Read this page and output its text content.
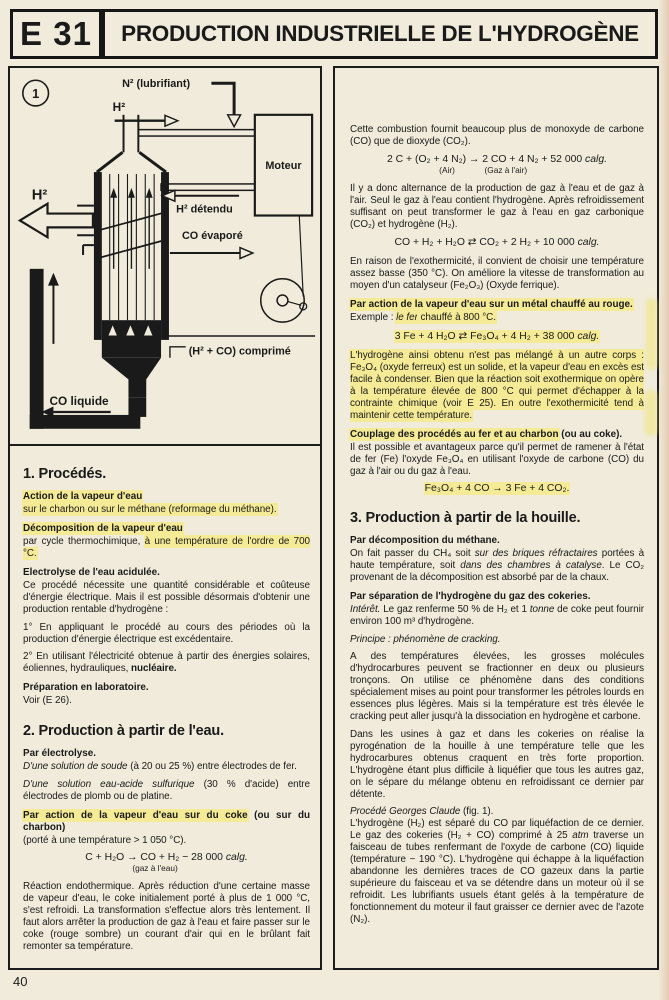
E 31 PRODUCTION INDUSTRIELLE DE L'HYDROGÈNE
1
N² (lubrifiant)
Moteur
H²
H²
H² détendu
CO évaporé
(H² + CO) comprimé
CO liquide
1. Procédés.

Action de la vapeur d'eau

sur le charbon ou sur le méthane (reformage du méthane).

Décomposition de la vapeur d'eau

par cycle thermochimique, à une température de l'ordre de 700 °C.

Electrolyse de l'eau acidulée.

Ce procédé nécessite une quantité considérable et coûteuse d'énergie électrique. Mais il est possible désormais d'obtenir une production rentable d'hydrogène :

1° En appliquant le procédé au cours des périodes où la production d'énergie électrique est excédentaire.

2° En utilisant l'électricité obtenue à partir des énergies solaires, éoliennes, hydrauliques, nucléaire.

Préparation en laboratoire.

Voir (E 26).

2. Production à partir de l'eau.

Par électrolyse.

D'une solution de soude (à 20 ou 25 %) entre électrodes de fer.

D'une solution eau-acide sulfurique (30 % d'acide) entre électrodes de plomb ou de platine.

Par action de la vapeur d'eau sur du coke (ou sur du charbon)

(porté à une température > 1 050 °C).

C + H₂O → CO + H₂ − 28 000 calg.
(gaz à l'eau)

Réaction endothermique. Après réduction d'une certaine masse de vapeur d'eau, le coke initialement porté à plus de 1 000 °C, s'est refroidi. La transformation s'effectue alors très lentement. Il faut alors arrêter la production de gaz à l'eau et faire passer sur le coke (rouge sombre) un courant d'air qui en le brûlant fait remonter sa température.

Cette combustion fournit beaucoup plus de monoxyde de carbone (CO) que de dioxyde (CO₂).

2 C + (O₂ + 4 N₂) → 2 CO + 4 N₂ + 52 000 calg.
(Air)	(Gaz à l'air)

Il y a donc alternance de la production de gaz à l'eau et de gaz à l'air. Seul le gaz à l'eau contient l'hydrogène. Après refroidissement suffisant on peut transformer le gaz à l'eau en gaz carbonique (CO₂) et hydrogène (H₂).

CO + H₂ + H₂O ⇄ CO₂ + 2 H₂ + 10 000 calg.

En raison de l'exothermicité, il convient de choisir une température assez basse (350 °C). On améliore la vitesse de transformation au moyen d'un catalyseur (Fe₂O₃) (Oxyde ferrique).

Par action de la vapeur d'eau sur un métal chauffé au rouge.

Exemple : le fer chauffé à 800 °C.

3 Fe + 4 H₂O ⇄ Fe₃O₄ + 4 H₂ + 38 000 calg.

L'hydrogène ainsi obtenu n'est pas mélangé à un autre corps : Fe₃O₄ (oxyde ferreux) est un solide, et la vapeur d'eau en excès est facile à condenser. Bien que la réaction soit exothermique on opère à la température élevée de 800 °C qui permet d'échapper à la contrainte chimique (voir E 25). En outre l'exothermicité tend à maintenir cette température.

Couplage des procédés au fer et au charbon (ou au coke).

Il est possible et avantageux parce qu'il permet de ramener à l'état de fer (Fe) l'oxyde Fe₃O₄ en utilisant l'oxyde de carbone (CO) du gaz à l'air ou du gaz à l'eau.

Fe₃O₄ + 4 CO → 3 Fe + 4 CO₂.
3. Production à partir de la houille.

Par décomposition du méthane.

On fait passer du CH₄ soit sur des briques réfractaires portées à haute température, soit dans des chambres à catalyse. Le CO₂ provenant de la décomposition est absorbé par de la chaux.

Par séparation de l'hydrogène du gaz des cokeries.

Intérêt. Le gaz renferme 50 % de H₂ et 1 tonne de coke peut fournir environ 100 m³ d'hydrogène.

Principe : phénomène de cracking.

A des températures élevées, les grosses molécules d'hydrocarbures peuvent se fractionner en deux ou plusieurs tronçons. On utilise ce phénomène dans des conditions spécialement mises au point pour transformer les pétroles lourds en essences plus légères. Mais si la température est très élevée le cracking peut aller jusqu'à la dissociation en hydrogène et carbone.

Dans les usines à gaz et dans les cokeries on réalise la pyrogénation de la houille à une température telle que les hydrocarbures obtenus craquent en très forte proportion. L'hydrogène étant plus difficile à liquéfier que tous les autres gaz, on le sépare du mélange obtenu en refroidissant ce dernier par détente.

Procédé Georges Claude (fig. 1).

L'hydrogène (H₂) est séparé du CO par liquéfaction de ce dernier. Le gaz des cokeries (H₂ + CO) comprimé à 25 atm traverse un faisceau de tubes renfermant de l'oxyde de carbone (CO) liquide (température − 190 °C). L'hydrogène qui échappe à la liquéfaction abandonne les dernières traces de CO gazeux dans la partie supérieure du faisceau et va se détendre dans un moteur où il se refroidit. Les lubrifiants usuels étant gelés à la température de fonctionnement du moteur il faut graisser ce dernier avec de l'azote (N₂).

40
